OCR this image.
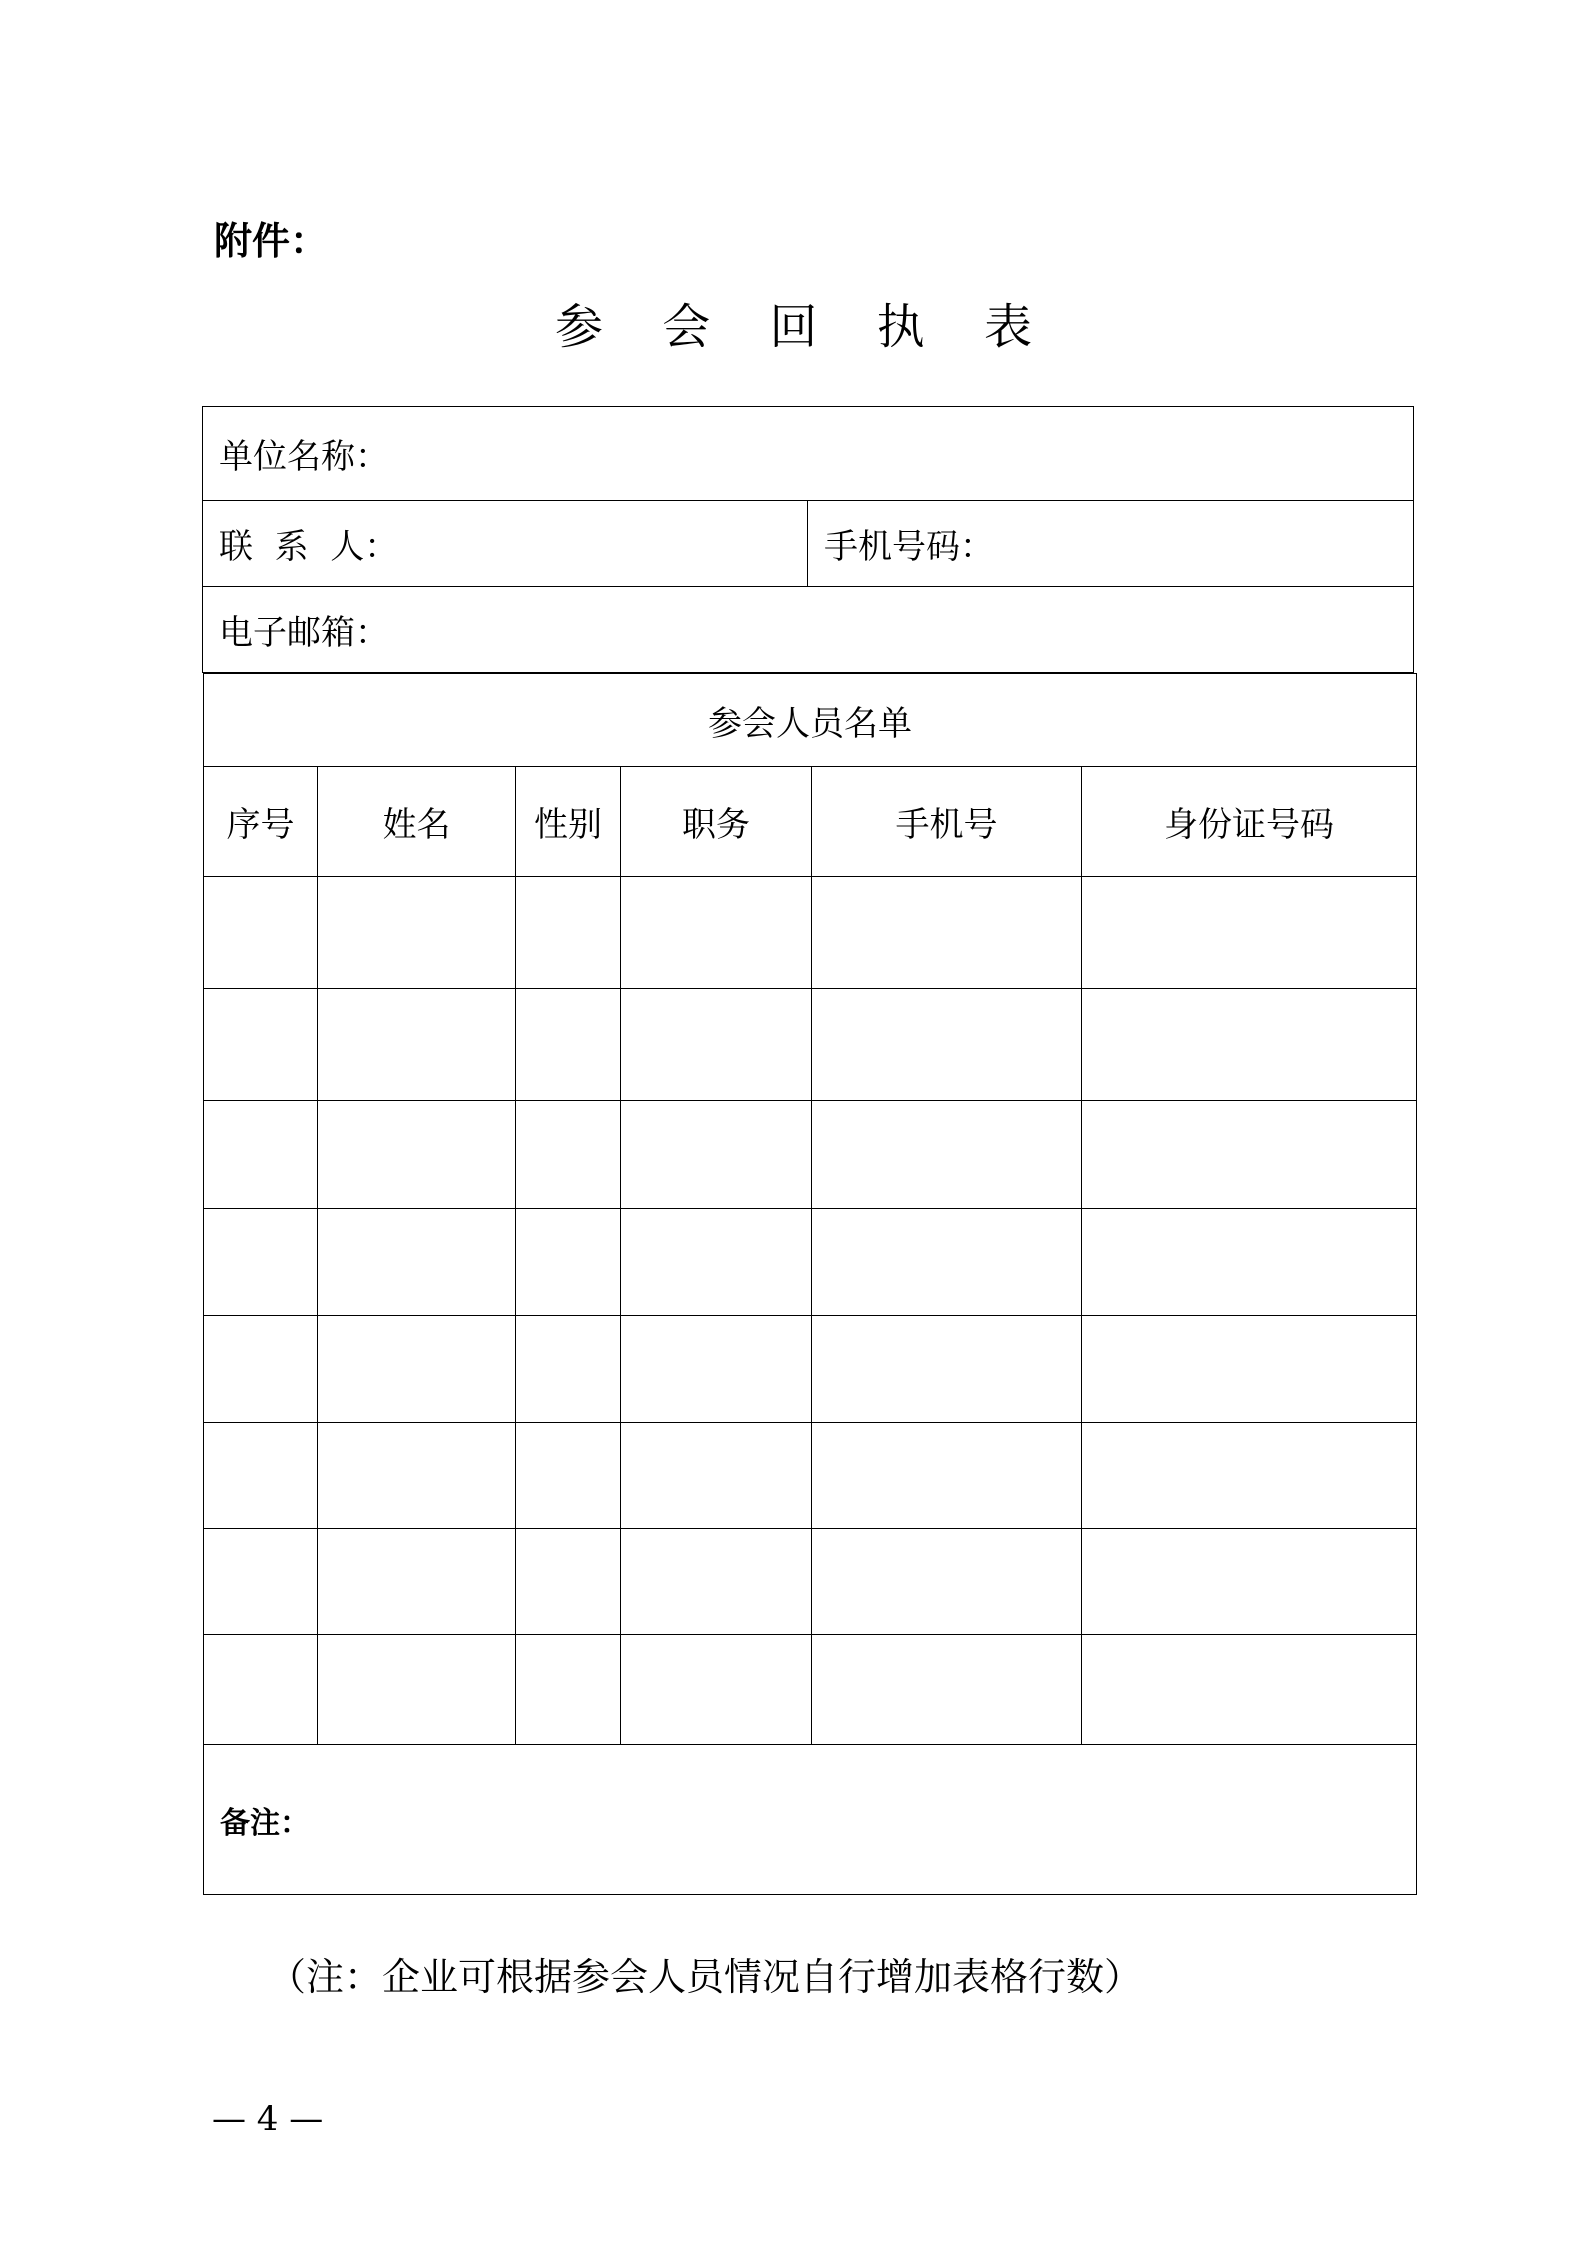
附件：
参 会 回 执 表
单位名称：
联  系  人：	手机号码：
电子邮箱：
参会人员名单					
序号	姓名	性别	职务	手机号	身份证号码

备注：					
（注：企业可根据参会人员情况自行增加表格行数）
— 4 —
